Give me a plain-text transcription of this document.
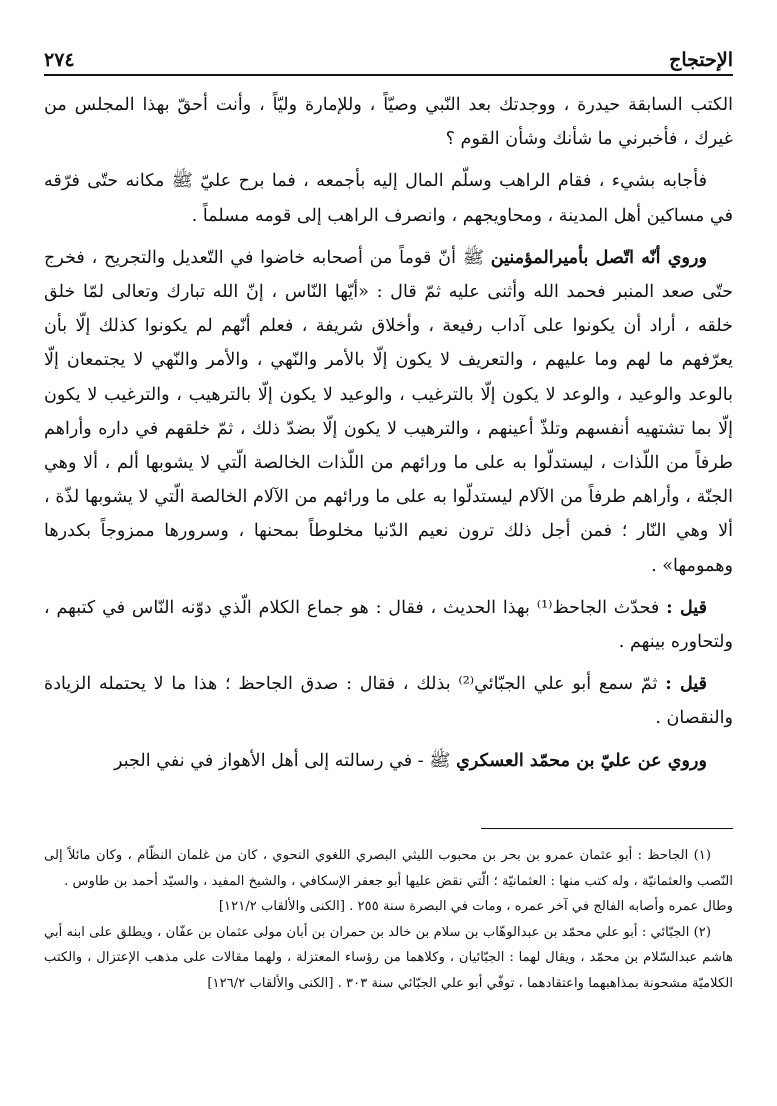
الإحتجاج
٢٧٤

الكتب السابقة حيدرة ، ووجدتك بعد النّبي وصيّاً ، وللإمارة وليّاً ، وأنت أحقّ بهذا المجلس من غيرك ، فأخبرني ما شأنك وشأن القوم ؟

فأجابه بشيء ، فقام الراهب وسلّم المال إليه بأجمعه ، فما برح عليّ ﷺ مكانه حتّى فرّقه في مساكين أهل المدينة ، ومحاويجهم ، وانصرف الراهب إلى قومه مسلماً .

وروي أنّه اتّصل بأميرالمؤمنين ﷺ أنّ قوماً من أصحابه خاضوا في التّعديل والتجريح ، فخرج حتّى صعد المنبر فحمد الله وأثنى عليه ثمّ قال : «أيّها النّاس ، إنّ الله تبارك وتعالى لمّا خلق خلقه ، أراد أن يكونوا على آداب رفيعة ، وأخلاق شريفة ، فعلم أنّهم لم يكونوا كذلك إلّا بأن يعرّفهم ما لهم وما عليهم ، والتعريف لا يكون إلّا بالأمر والنّهي ، والأمر والنّهي لا يجتمعان إلّا بالوعد والوعيد ، والوعد لا يكون إلّا بالترغيب ، والوعيد لا يكون إلّا بالترهيب ، والترغيب لا يكون إلّا بما تشتهيه أنفسهم وتلذّ أعينهم ، والترهيب لا يكون إلّا بضدّ ذلك ، ثمّ خلقهم في داره وأراهم طرفاً من اللّذات ، ليستدلّوا به على ما ورائهم من اللّذات الخالصة الّتي لا يشوبها ألم ، ألا وهي الجنّة ، وأراهم طرفاً من الآلام ليستدلّوا به على ما ورائهم من الآلام الخالصة الّتي لا يشوبها لذّة ، ألا وهي النّار ؛ فمن أجل ذلك ترون نعيم الدّنيا مخلوطاً بمحنها ، وسرورها ممزوجاً بكدرها وهمومها» .

قيل : فحدّث الجاحظ⁽¹⁾ بهذا الحديث ، فقال : هو جماع الكلام الّذي دوّنه النّاس في كتبهم ، ولتحاوره بينهم .

قيل : ثمّ سمع أبو علي الجبّائي⁽²⁾ بذلك ، فقال : صدق الجاحظ ؛ هذا ما لا يحتمله الزيادة والنقصان .

وروي عن عليّ بن محمّد العسكري ﷺ - في رسالته إلى أهل الأهواز في نفي الجبر

(١) الجاحظ : أبو عثمان عمرو بن بحر بن محبوب الليثي البصري اللغوي النحوي ، كان من غلمان النظّام ، وكان مائلاً إلى النّصب والعثمانيّة ، وله كتب منها : العثمانيّة ؛ الّتي نقض عليها أبو جعفر الإسكافي ، والشيخ المفيد ، والسيّد أحمد بن طاوس .

وطال عمره وأصابه الفالج في آخر عمره ، ومات في البصرة سنة ٢٥٥ . [الكنى والألقاب ١٢١/٢]

(٢) الجبّائي : أبو علي محمّد بن عبدالوهّاب بن سلام بن خالد بن حمران بن أبان مولى عثمان بن عفّان ، ويطلق على ابنه أبي هاشم عبدالسّلام بن محمّد ، ويقال لهما : الجبّائيان ، وكلاهما من رؤساء المعتزلة ، ولهما مقالات على مذهب الإعتزال ، والكتب الكلاميّة مشحونة بمذاهبهما واعتقادهما ، توفّي أبو علي الجبّائي سنة ٣٠٣ . [الكنى والألقاب ١٢٦/٢]
